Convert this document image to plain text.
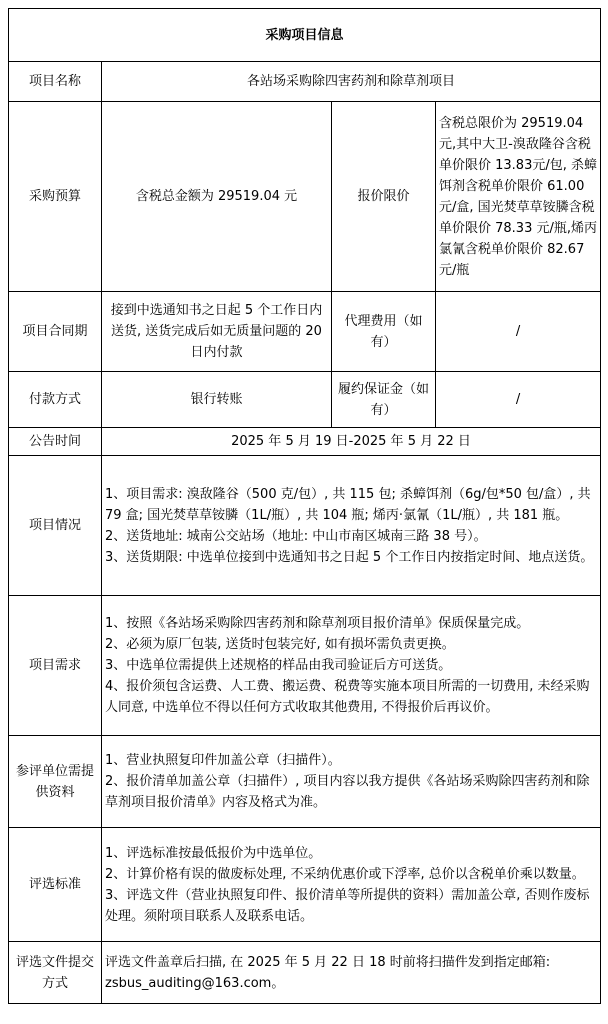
采购项目信息			
项目名称	各站场采购除四害药剂和除草剂项目		
采购预算	含税总金额为 29519.04 元	报价限价	含税总限价为 29519.04 元,其中大卫-溴敌隆谷含税单价限价 13.83元/包, 杀蟑饵剂含税单价限价 61.00 元/盒, 国光焚草草铵膦含税单价限价 78.33 元/瓶,烯丙 氯氰含税单价限价 82.67 元/瓶
项目合同期	接到中选通知书之日起 5 个工作日内送货, 送货完成后如无质量问题的 20 日内付款	代理费用（如有）	/
付款方式	银行转账	履约保证金（如有）	/
公告时间	2025 年 5 月 19 日-2025 年 5 月 22 日		
项目情况	1、项目需求: 溴敌隆谷（500 克/包）, 共 115 包; 杀蟑饵剂（6g/包*50 包/盒）, 共 79 盒; 国光焚草草铵膦（1L/瓶）, 共 104 瓶; 烯丙·氯氰（1L/瓶）, 共 181 瓶。
2、送货地址: 城南公交站场（地址: 中山市南区城南三路 38 号）。
3、送货期限: 中选单位接到中选通知书之日起 5 个工作日内按指定时间、地点送货。		

项目需求	1、按照《各站场采购除四害药剂和除草剂项目报价清单》保质保量完成。
2、必须为原厂包装, 送货时包装完好, 如有损坏需负责更换。
3、中选单位需提供上述规格的样品由我司验证后方可送货。
4、报价须包含运费、人工费、搬运费、税费等实施本项目所需的一切费用, 未经采购人同意, 中选单位不得以任何方式收取其他费用, 不得报价后再议价。		

参评单位需提供资料	1、营业执照复印件加盖公章（扫描件）。
2、报价清单加盖公章（扫描件）, 项目内容以我方提供《各站场采购除四害药剂和除草剂项目报价清单》内容及格式为准。		

评选标准	1、评选标准按最低报价为中选单位。
2、计算价格有误的做废标处理, 不采纳优惠价或下浮率, 总价以含税单价乘以数量。
3、评选文件（营业执照复印件、报价清单等所提供的资料）需加盖公章, 否则作废标处理。须附项目联系人及联系电话。		

评选文件提交方式	评选文件盖章后扫描, 在 2025 年 5 月 22 日 18 时前将扫描件发到指定邮箱: zsbus_auditing@163.com。		
